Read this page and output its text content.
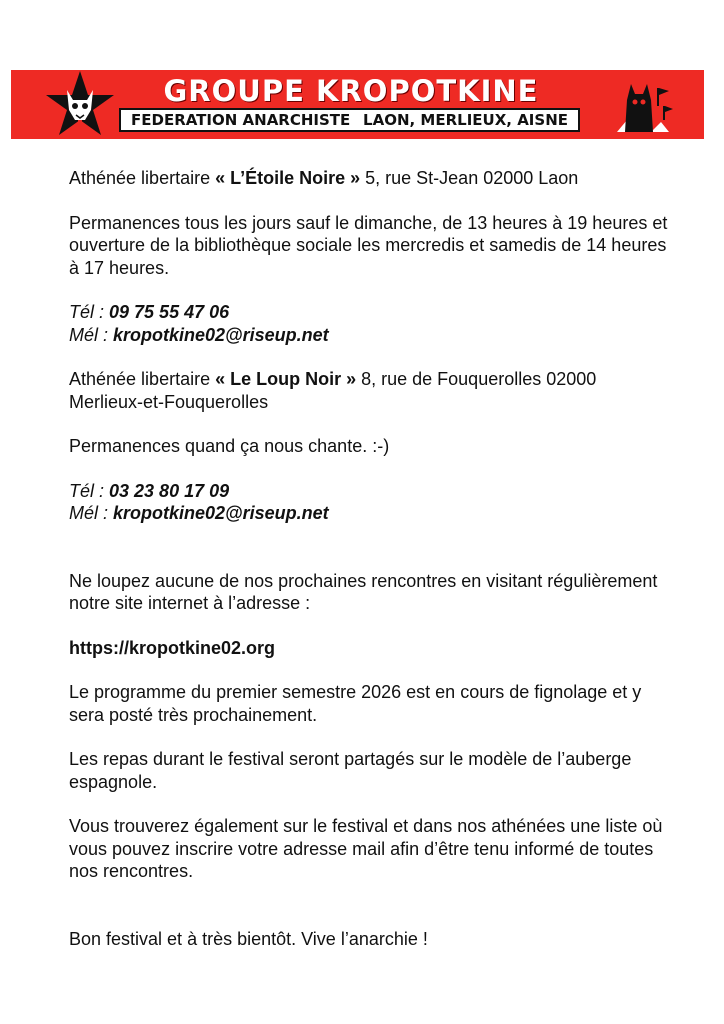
GROUPE KROPOTKINE
FEDERATION ANARCHISTE LAON, MERLIEUX, AISNE

Athénée libertaire « L’Étoile Noire » 5, rue St-Jean 02000 Laon

Permanences tous les jours sauf le dimanche, de 13 heures à 19 heures et ouverture de la bibliothèque sociale les mercredis et samedis de 14 heures à 17 heures.

Tél : 09 75 55 47 06

Mél : kropotkine02@riseup.net

Athénée libertaire « Le Loup Noir » 8, rue de Fouquerolles 02000 Merlieux-et-Fouquerolles

Permanences quand ça nous chante. :-)

Tél : 03 23 80 17 09

Mél : kropotkine02@riseup.net

Ne loupez aucune de nos prochaines rencontres en visitant régulièrement notre site internet à l’adresse :

https://kropotkine02.org

Le programme du premier semestre 2026 est en cours de fignolage et y sera posté très prochainement.

Les repas durant le festival seront partagés sur le modèle de l’auberge espagnole.

Vous trouverez également sur le festival et dans nos athénées une liste où vous pouvez inscrire votre adresse mail afin d’être tenu informé de toutes nos rencontres.

Bon festival et à très bientôt. Vive l’anarchie !
